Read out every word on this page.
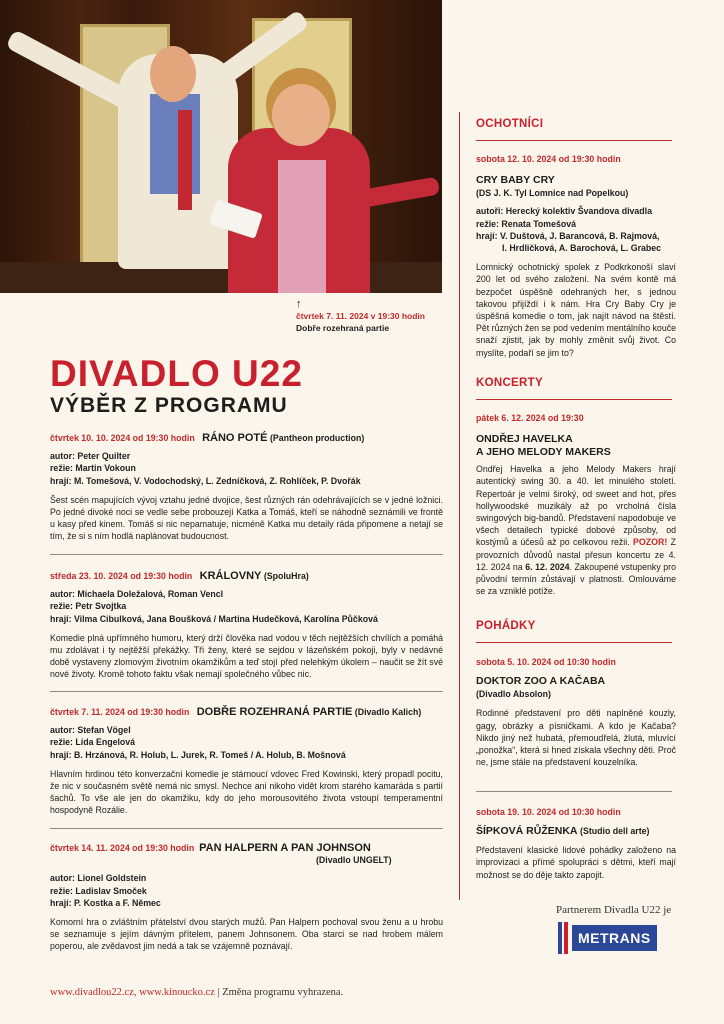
↑
čtvrtek 7. 11. 2024 v 19:30 hodin
Dobře rozehraná partie
DIVADLO U22
VÝBĚR Z PROGRAMU
čtvrtek 10. 10. 2024 od 19:30 hodin RÁNO POTÉ (Pantheon production)
autor: Peter Quilter
režie: Martin Vokoun
hrají: M. Tomešová, V. Vodochodský, L. Zedníčková, Z. Rohlíček, P. Dvořák
Šest scén mapujících vývoj vztahu jedné dvojice, šest různých rán odehrávajících se v jedné ložnici. Po jedné divoké noci se vedle sebe probouzejí Katka a Tomáš, kteří se náhodně seznámili ve frontě u kasy před kinem. Tomáš si nic nepamatuje, nicméně Katka mu detaily ráda připomene a netají se tím, že si s ním hodlá naplánovat budoucnost.
středa 23. 10. 2024 od 19:30 hodin KRÁLOVNY (SpoluHra)
autor: Michaela Doležalová, Roman Vencl
režie: Petr Svojtka
hrají: Vilma Cibulková, Jana Boušková / Martina Hudečková, Karolína Půčková
Komedie plná upřímného humoru, který drží člověka nad vodou v těch nejtěžších chvílích a pomáhá mu zdolávat i ty nejtěžší překážky. Tři ženy, které se sejdou v lázeňském pokoji, byly v nedávné době vystaveny zlomovým životním okamžikům a teď stojí před nelehkým úkolem – naučit se žít své nové životy. Kromě tohoto faktu však nemají společného vůbec nic.
čtvrtek 7. 11. 2024 od 19:30 hodin DOBŘE ROZEHRANÁ PARTIE (Divadlo Kalich)
autor: Stefan Vögel
režie: Lída Engelová
hrají: B. Hrzánová, R. Holub, L. Jurek, R. Tomeš / A. Holub, B. Mošnová
Hlavním hrdinou této konverzační komedie je stárnoucí vdovec Fred Kowinski, který propadl pocitu, že nic v současném světě nemá nic smysl. Nechce ani nikoho vidět krom starého kamaráda s partií šachů. To vše ale jen do okamžiku, kdy do jeho morousovitého života vstoupí temperamentní hospodyně Rozálie.
čtvrtek 14. 11. 2024 od 19:30 hodin PAN HALPERN A PAN JOHNSON
(Divadlo UNGELT)
autor: Lionel Goldstein
režie: Ladislav Smoček
hrají: P. Kostka a F. Němec
Komorní hra o zvláštním přátelství dvou starých mužů. Pan Halpern pochoval svou ženu a u hrobu se seznamuje s jejím dávným přítelem, panem Johnsonem. Oba starci se nad hrobem málem poperou, ale zvědavost jim nedá a tak se vzájemně poznávají.
OCHOTNÍCI
sobota 12. 10. 2024 od 19:30 hodin
CRY BABY CRY
(DS J. K. Tyl Lomnice nad Popelkou)
autoři: Herecký kolektiv Švandova divadla
režie: Renata Tomešová
hrají: V. Duštová, J. Barancová, B. Rajmová,
I. Hrdličková, A. Barochová, L. Grabec
Lomnický ochotnický spolek z Podkrkonoší slaví 200 let od svého založení. Na svém kontě má bezpočet úspěšně odehraných her, s jednou takovou přijíždí i k nám. Hra Cry Baby Cry je úspěšná komedie o tom, jak najít návod na štěstí. Pět různých žen se pod vedením mentálního kouče snaží zjistit, jak by mohly změnit svůj život. Co myslíte, podaří se jim to?
KONCERTY
pátek 6. 12. 2024 od 19:30
ONDŘEJ HAVELKA
A JEHO MELODY MAKERS
Ondřej Havelka a jeho Melody Makers hrají autentický swing 30. a 40. let minulého století. Repertoár je velmi široký, od sweet and hot, přes hollywoodské muzikály až po vrcholná čísla swingových big-bandů. Představení napodobuje ve všech detailech typické dobové způsoby, od kostýmů a účesů až po celkovou režii. POZOR! Z provozních důvodů nastal přesun koncertu ze 4. 12. 2024 na 6. 12. 2024. Zakoupené vstupenky pro původní termín zůstávají v platnosti. Omlouváme se za vzniklé potíže.
POHÁDKY
sobota 5. 10. 2024 od 10:30 hodin
DOKTOR ZOO A KAČABA
(Divadlo Absolon)
Rodinné představení pro děti naplněné kouzly, gagy, obrázky a písničkami. A kdo je Kačaba? Nikdo jiný než hubatá, přemoudřelá, žlutá, mluvící „ponožka“, která si hned získala všechny děti. Proč ne, jsme stále na představení kouzelníka.
sobota 19. 10. 2024 od 10:30 hodin
ŠÍPKOVÁ RŮŽENKA (Studio dell arte)
Představení klasické lidové pohádky založeno na improvizaci a přímé spolupráci s dětmi, kteří mají možnost se do děje takto zapojit.
Partnerem Divadla U22 je
METRANS
www.divadlou22.cz, www.kinoucko.cz | Změna programu vyhrazena.
